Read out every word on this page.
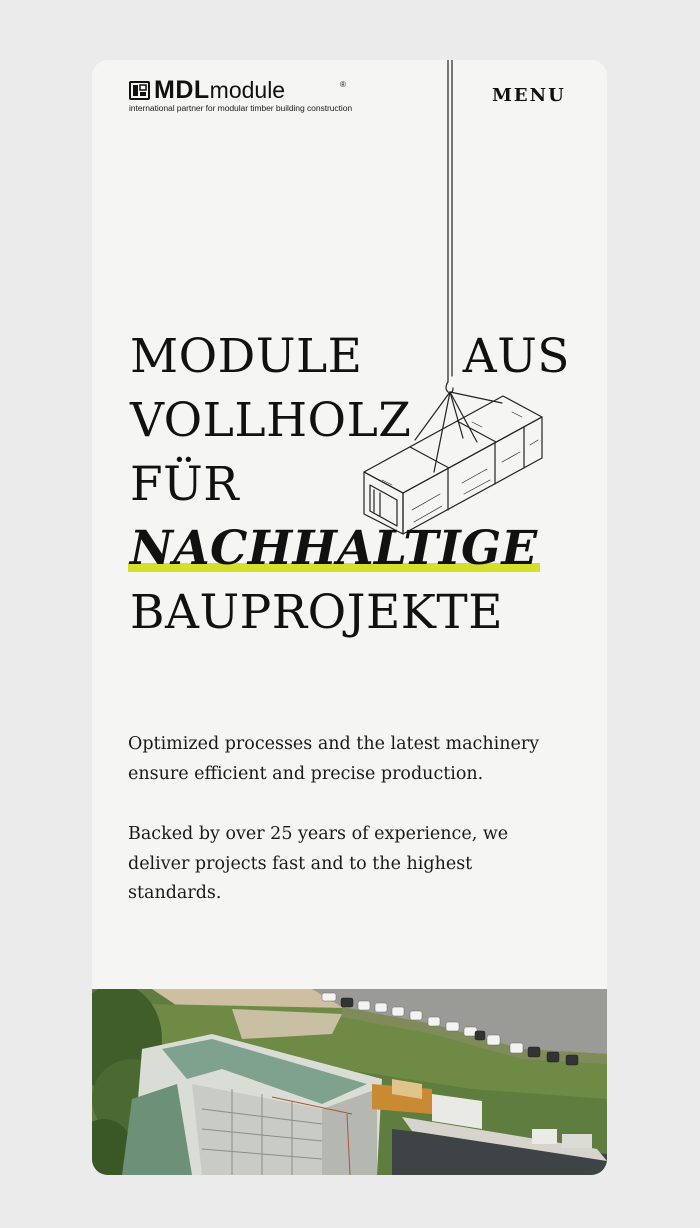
MDLmodule	®
international partner for modular timber building construction
MENU
MODULE AUS
VOLLHOLZ
FÜR
NACHHALTIGE
BAUPROJEKTE

Optimized processes and the latest machinery ensure efficient and precise production.

Backed by over 25 years of experience, we deliver projects fast and to the highest standards.
